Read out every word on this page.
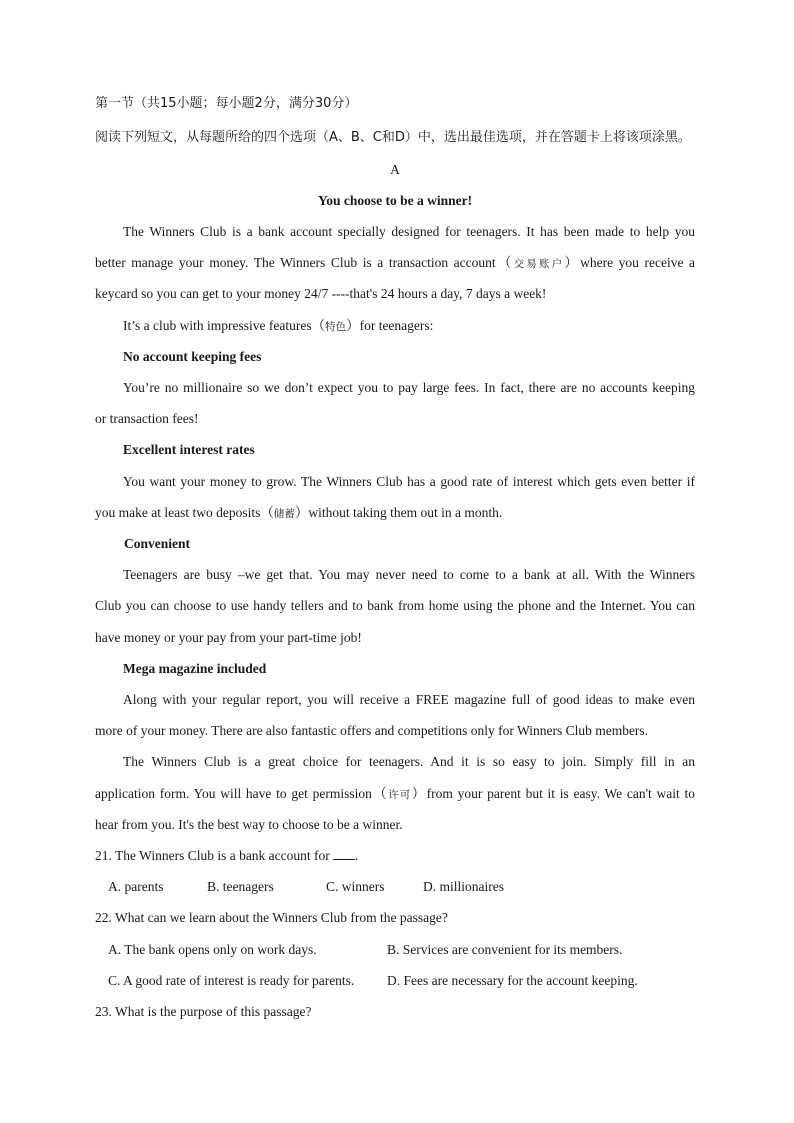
第一节（共15小题；每小题2分，满分30分）
阅读下列短文，从每题所给的四个选项（A、B、C和D）中，选出最佳选项，并在答题卡上将该项涂黑。
A
You choose to be a winner!
The Winners Club is a bank account specially designed for teenagers. It has been made to help you
better manage your money. The Winners Club is a transaction account（交易账户）where you receive a
keycard so you can get to your money 24/7 ----that's 24 hours a day, 7 days a week!
It’s a club with impressive features（特色）for teenagers:
No account keeping fees
You’re no millionaire so we don’t expect you to pay large fees. In fact, there are no accounts keeping
or transaction fees!
Excellent interest rates
You want your money to grow. The Winners Club has a good rate of interest which gets even better if
you make at least two deposits（储蓄）without taking them out in a month.
Convenient
Teenagers are busy –we get that. You may never need to come to a bank at all. With the Winners
Club you can choose to use handy tellers and to bank from home using the phone and the Internet. You can
have money or your pay from your part-time job!
Mega magazine included
Along with your regular report, you will receive a FREE magazine full of good ideas to make even
more of your money. There are also fantastic offers and competitions only for Winners Club members.
The Winners Club is a great choice for teenagers. And it is so easy to join. Simply fill in an
application form. You will have to get permission（许可）from your parent but it is easy. We can't wait to
hear from you. It's the best way to choose to be a winner.
21. The Winners Club is a bank account for .
A. parents	B. teenagers	C. winners	D. millionaires
22. What can we learn about the Winners Club from the passage?
A. The bank opens only on work days.	B. Services are convenient for its members.
C. A good rate of interest is ready for parents. D. Fees are necessary for the account keeping.
23. What is the purpose of this passage?
